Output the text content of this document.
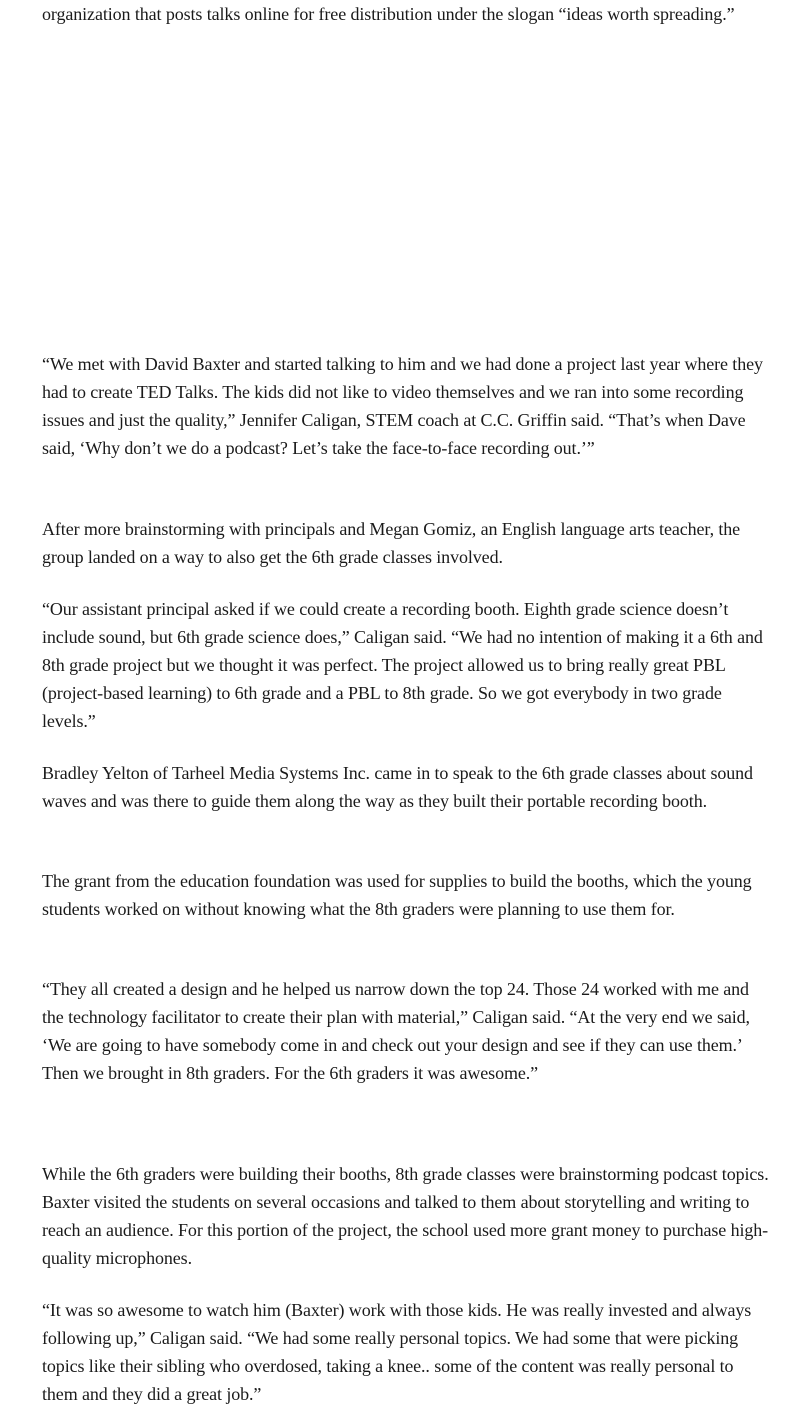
organization that posts talks online for free distribution under the slogan “ideas worth spreading.”

“We met with David Baxter and started talking to him and we had done a project last year where they had to create TED Talks. The kids did not like to video themselves and we ran into some recording issues and just the quality,” Jennifer Caligan, STEM coach at C.C. Griffin said. “That’s when Dave said, ‘Why don’t we do a podcast? Let’s take the face-to-face recording out.’”

After more brainstorming with principals and Megan Gomiz, an English language arts teacher, the group landed on a way to also get the 6th grade classes involved.

“Our assistant principal asked if we could create a recording booth. Eighth grade science doesn’t include sound, but 6th grade science does,” Caligan said. “We had no intention of making it a 6th and 8th grade project but we thought it was perfect. The project allowed us to bring really great PBL (project-based learning) to 6th grade and a PBL to 8th grade. So we got everybody in two grade levels.”

Bradley Yelton of Tarheel Media Systems Inc. came in to speak to the 6th grade classes about sound waves and was there to guide them along the way as they built their portable recording booth.

The grant from the education foundation was used for supplies to build the booths, which the young students worked on without knowing what the 8th graders were planning to use them for.

“They all created a design and he helped us narrow down the top 24. Those 24 worked with me and the technology facilitator to create their plan with material,” Caligan said. “At the very end we said, ‘We are going to have somebody come in and check out your design and see if they can use them.’ Then we brought in 8th graders. For the 6th graders it was awesome.”

While the 6th graders were building their booths, 8th grade classes were brainstorming podcast topics. Baxter visited the students on several occasions and talked to them about storytelling and writing to reach an audience. For this portion of the project, the school used more grant money to purchase high-quality microphones.

“It was so awesome to watch him (Baxter) work with those kids. He was really invested and always following up,” Caligan said. “We had some really personal topics. We had some that were picking topics like their sibling who overdosed, taking a knee.. some of the content was really personal to them and they did a great job.”
